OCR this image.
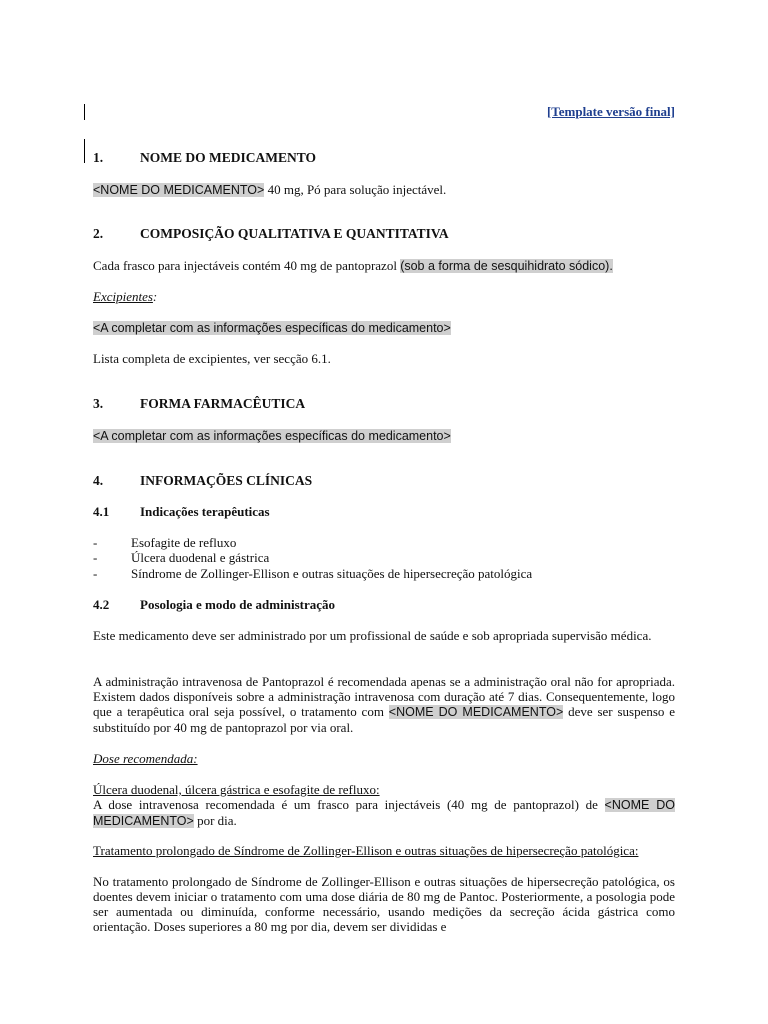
[Template versão final]
1.	NOME DO MEDICAMENTO
<NOME DO MEDICAMENTO> 40 mg, Pó para solução injectável.
2.	COMPOSIÇÃO QUALITATIVA E QUANTITATIVA
Cada frasco para injectáveis contém 40 mg de pantoprazol (sob a forma de sesquihidrato sódico).
Excipientes:
<A completar com as informações específicas do medicamento>
Lista completa de excipientes, ver secção 6.1.
3.	FORMA FARMACÊUTICA
<A completar com as informações específicas do medicamento>
4.	INFORMAÇÕES CLÍNICAS
4.1 Indicações terapêuticas
-	Esofagite de refluxo
-	Úlcera duodenal e gástrica
-	Síndrome de Zollinger-Ellison e outras situações de hipersecreção patológica
4.2 Posologia e modo de administração
Este medicamento deve ser administrado por um profissional de saúde e sob apropriada supervisão médica.
A administração intravenosa de Pantoprazol é recomendada apenas se a administração oral não for apropriada. Existem dados disponíveis sobre a administração intravenosa com duração até 7 dias. Consequentemente, logo que a terapêutica oral seja possível, o tratamento com <NOME DO MEDICAMENTO> deve ser suspenso e substituído por 40 mg de pantoprazol por via oral.
Dose recomendada:
Úlcera duodenal, úlcera gástrica e esofagite de refluxo:
A dose intravenosa recomendada é um frasco para injectáveis (40 mg de pantoprazol) de <NOME DO MEDICAMENTO> por dia.
Tratamento prolongado de Síndrome de Zollinger-Ellison e outras situações de hipersecreção patológica:
No tratamento prolongado de Síndrome de Zollinger-Ellison e outras situações de hipersecreção patológica, os doentes devem iniciar o tratamento com uma dose diária de 80 mg de Pantoc. Posteriormente, a posologia pode ser aumentada ou diminuída, conforme necessário, usando medições da secreção ácida gástrica como orientação. Doses superiores a 80 mg por dia, devem ser divididas e
